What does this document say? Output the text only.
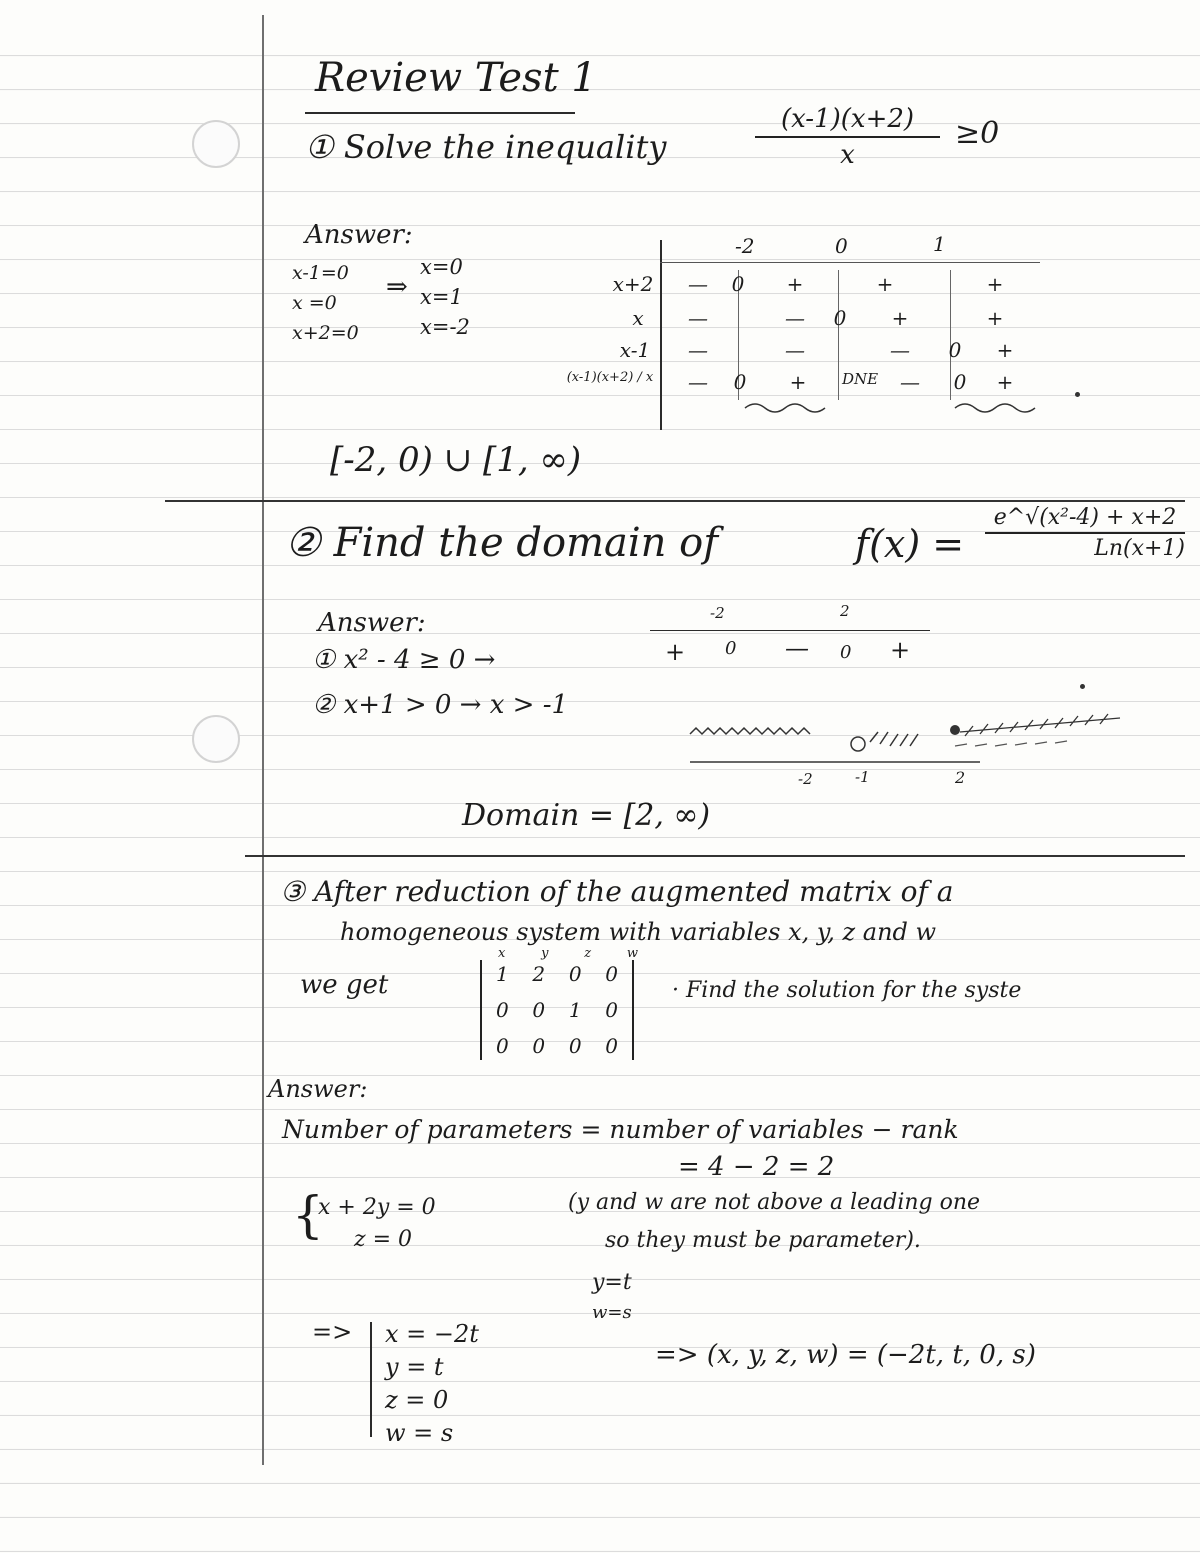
Review Test 1
① Solve the inequality	$\frac{(x-1)(x+2)}{x} \ge 0$
Answer:
x-1=0
x =0
x+2=0
⇒
x=0
x=1
x=-2
-2	0	1
x+2	—	0	+	+	+
x	—	—	0	+	+
x-1	—	—	—	0	+
(x-1)(x+2) / x	—	0	+	DNE	—	0	+
[-2, 0) ∪ [1, ∞)
② Find the domain of	$f(x) = \frac{\text{e\textasciicircum{}√(x²-4) + x+2}}{Ln(x+1)}$
Answer:
① x² - 4 ≥ 0 →
② x+1 > 0 → x > -1
-2	2
+ 0 — 0 +
-2	-1	2
Domain = [2, ∞)
③ After reduction of the augmented matrix of a
homogeneous system with variables x, y, z and w
we get	· Find the solution for the syste
x	y	z	w
1 2 0 0
0 0 1 0
0 0 0 0
Answer:
Number of parameters = number of variables − rank
= 4 − 2 = 2
{
x + 2y = 0
z = 0
(y and w are not above a leading one
so they must be parameter).
y=t
w=s
=> x = −2t
y = t
z = 0
w = s
=> (x, y, z, w) = (−2t, t, 0, s)
